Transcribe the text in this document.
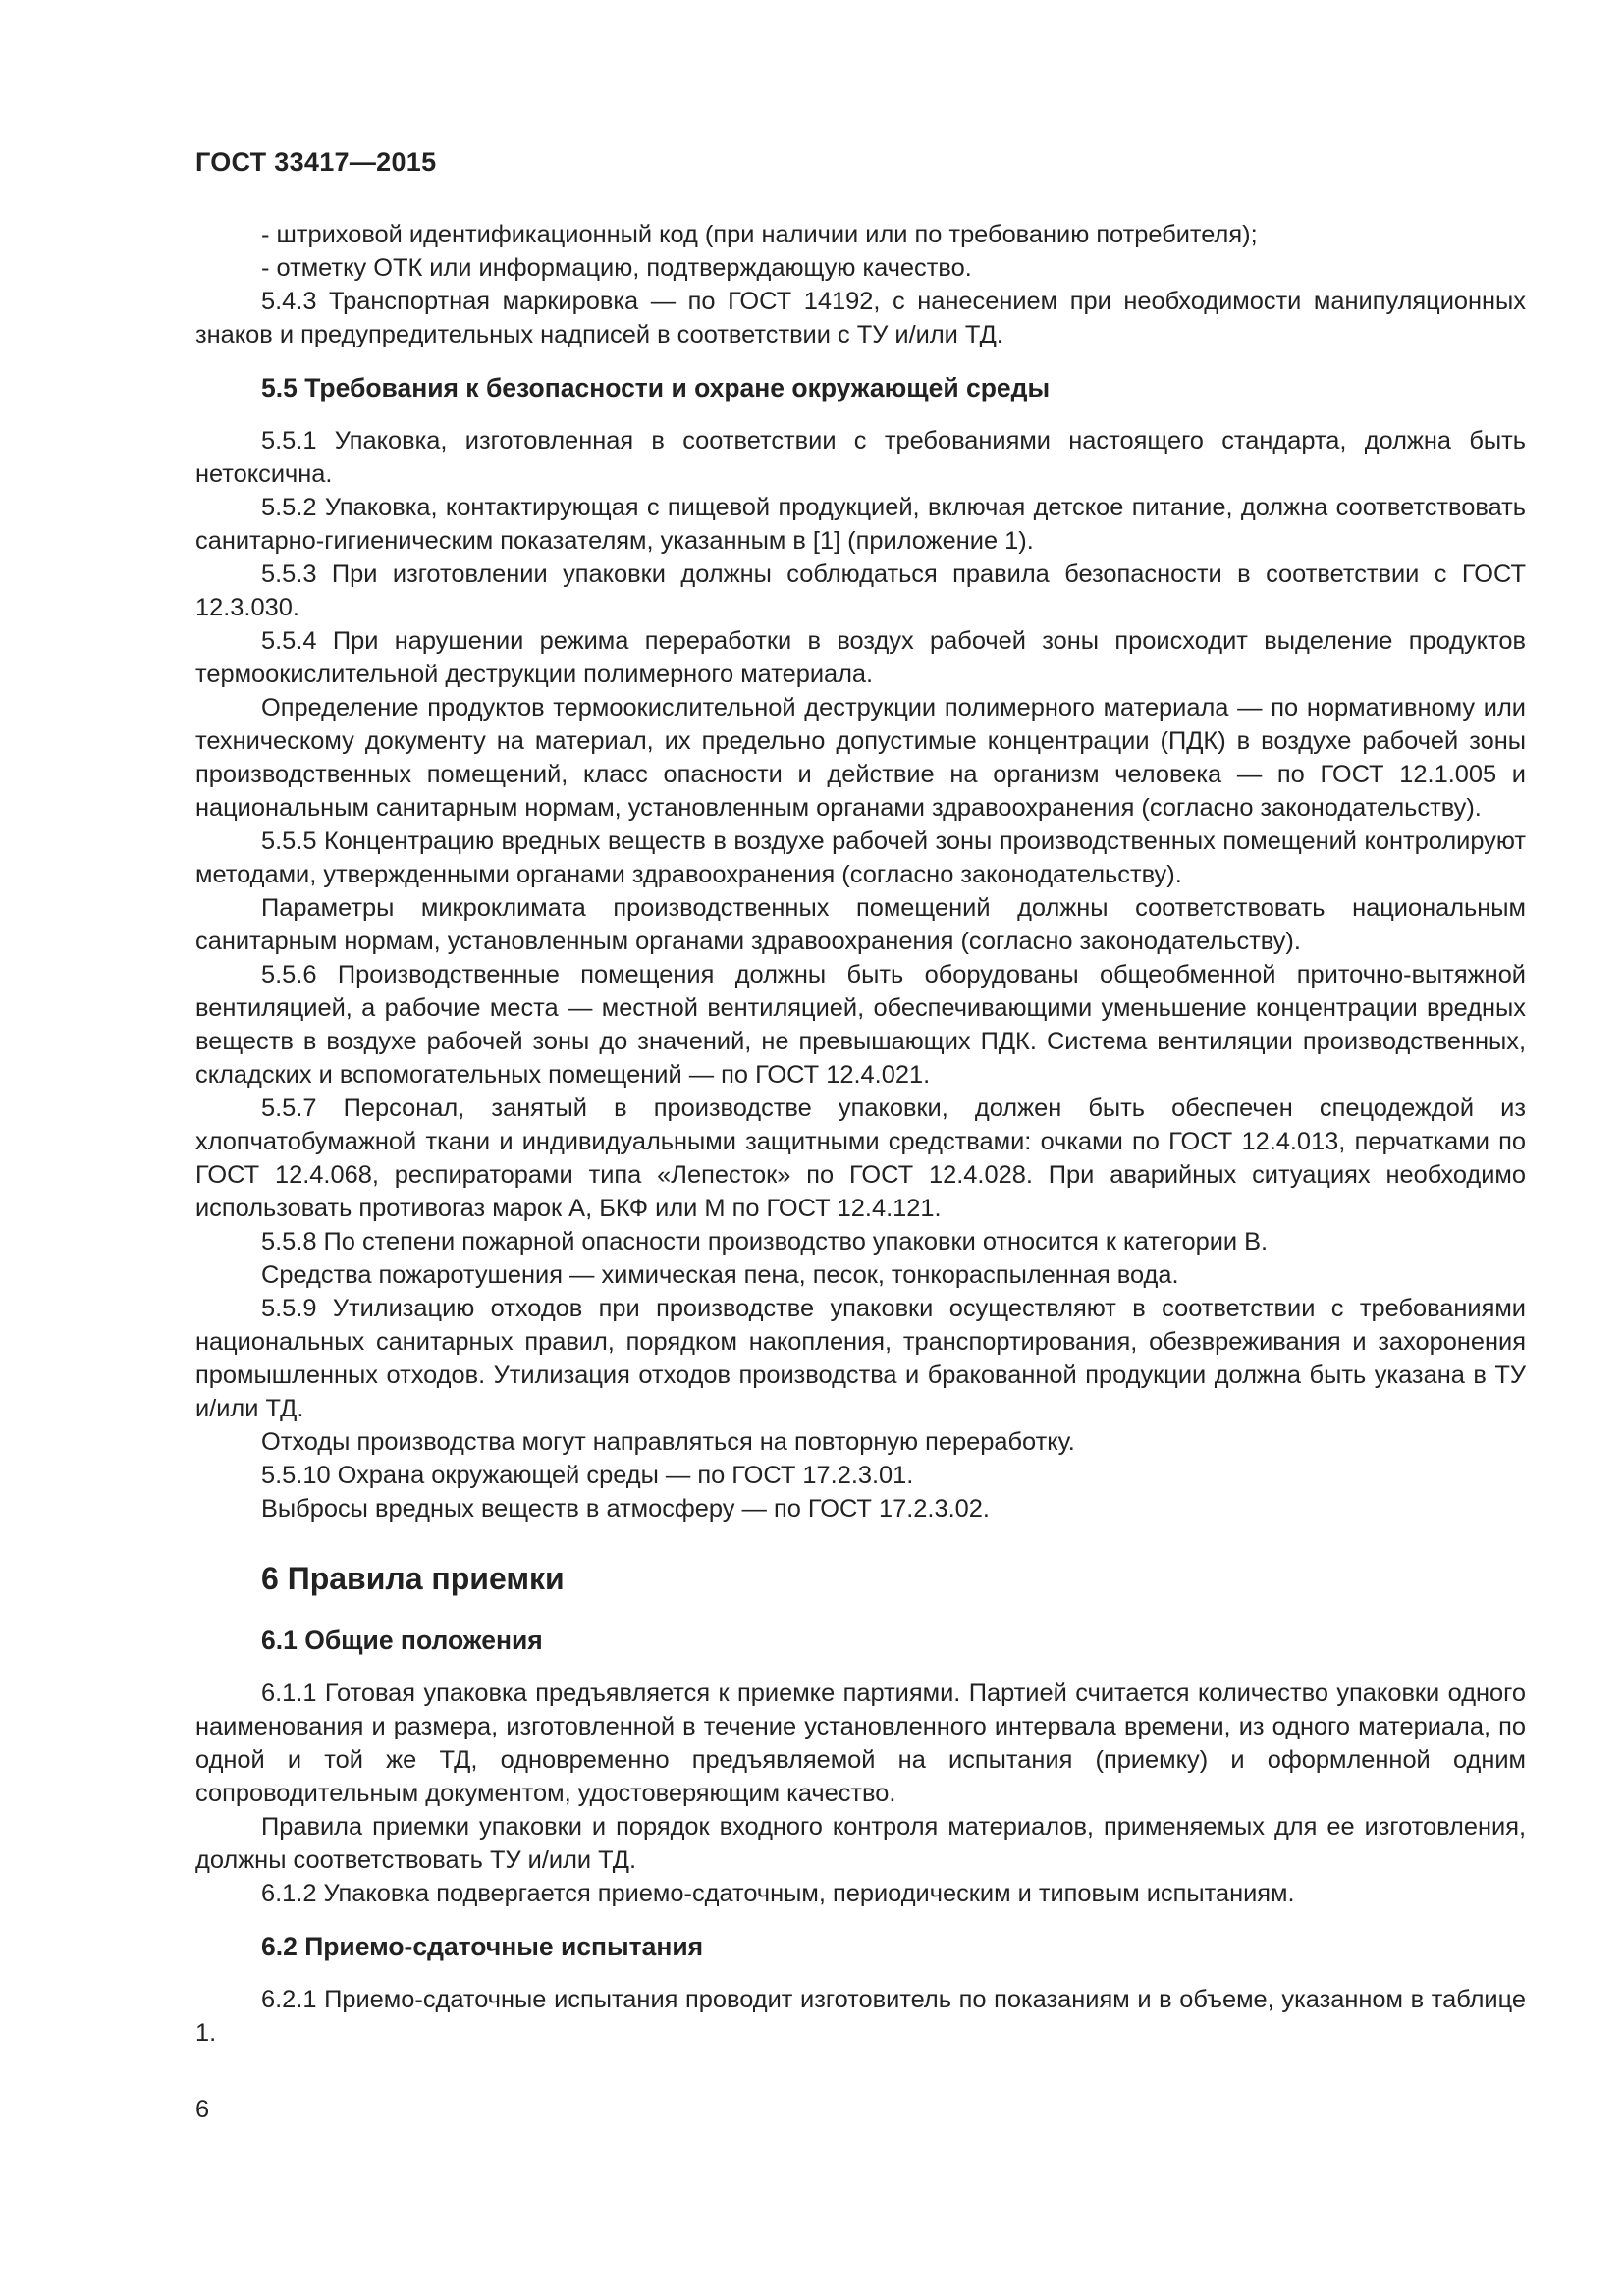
ГОСТ 33417—2015

- штриховой идентификационный код (при наличии или по требованию потребителя);

- отметку ОТК или информацию, подтверждающую качество.

5.4.3 Транспортная маркировка — по ГОСТ 14192, с нанесением при необходимости манипуляционных знаков и предупредительных надписей в соответствии с ТУ и/или ТД.

5.5 Требования к безопасности и охране окружающей среды

5.5.1 Упаковка, изготовленная в соответствии с требованиями настоящего стандарта, должна быть нетоксична.

5.5.2 Упаковка, контактирующая с пищевой продукцией, включая детское питание, должна соответствовать санитарно-гигиеническим показателям, указанным в [1] (приложение 1).

5.5.3 При изготовлении упаковки должны соблюдаться правила безопасности в соответствии с ГОСТ 12.3.030.

5.5.4 При нарушении режима переработки в воздух рабочей зоны происходит выделение продуктов термоокислительной деструкции полимерного материала.

Определение продуктов термоокислительной деструкции полимерного материала — по нормативному или техническому документу на материал, их предельно допустимые концентрации (ПДК) в воздухе рабочей зоны производственных помещений, класс опасности и действие на организм человека — по ГОСТ 12.1.005 и национальным санитарным нормам, установленным органами здравоохранения (согласно законодательству).

5.5.5 Концентрацию вредных веществ в воздухе рабочей зоны производственных помещений контролируют методами, утвержденными органами здравоохранения (согласно законодательству).

Параметры микроклимата производственных помещений должны соответствовать национальным санитарным нормам, установленным органами здравоохранения (согласно законодательству).

5.5.6 Производственные помещения должны быть оборудованы общеобменной приточно-вытяжной вентиляцией, а рабочие места — местной вентиляцией, обеспечивающими уменьшение концентрации вредных веществ в воздухе рабочей зоны до значений, не превышающих ПДК. Система вентиляции производственных, складских и вспомогательных помещений — по ГОСТ 12.4.021.

5.5.7 Персонал, занятый в производстве упаковки, должен быть обеспечен спецодеждой из хлопчатобумажной ткани и индивидуальными защитными средствами: очками по ГОСТ 12.4.013, перчатками по ГОСТ 12.4.068, респираторами типа «Лепесток» по ГОСТ 12.4.028. При аварийных ситуациях необходимо использовать противогаз марок А, БКФ или М по ГОСТ 12.4.121.

5.5.8 По степени пожарной опасности производство упаковки относится к категории В.

Средства пожаротушения — химическая пена, песок, тонкораспыленная вода.

5.5.9 Утилизацию отходов при производстве упаковки осуществляют в соответствии с требованиями национальных санитарных правил, порядком накопления, транспортирования, обезвреживания и захоронения промышленных отходов. Утилизация отходов производства и бракованной продукции должна быть указана в ТУ и/или ТД.

Отходы производства могут направляться на повторную переработку.

5.5.10 Охрана окружающей среды — по ГОСТ 17.2.3.01.

Выбросы вредных веществ в атмосферу — по ГОСТ 17.2.3.02.

6 Правила приемки

6.1 Общие положения

6.1.1 Готовая упаковка предъявляется к приемке партиями. Партией считается количество упаковки одного наименования и размера, изготовленной в течение установленного интервала времени, из одного материала, по одной и той же ТД, одновременно предъявляемой на испытания (приемку) и оформленной одним сопроводительным документом, удостоверяющим качество.

Правила приемки упаковки и порядок входного контроля материалов, применяемых для ее изготовления, должны соответствовать ТУ и/или ТД.

6.1.2 Упаковка подвергается приемо-сдаточным, периодическим и типовым испытаниям.

6.2 Приемо-сдаточные испытания

6.2.1 Приемо-сдаточные испытания проводит изготовитель по показаниям и в объеме, указанном в таблице 1.

6
